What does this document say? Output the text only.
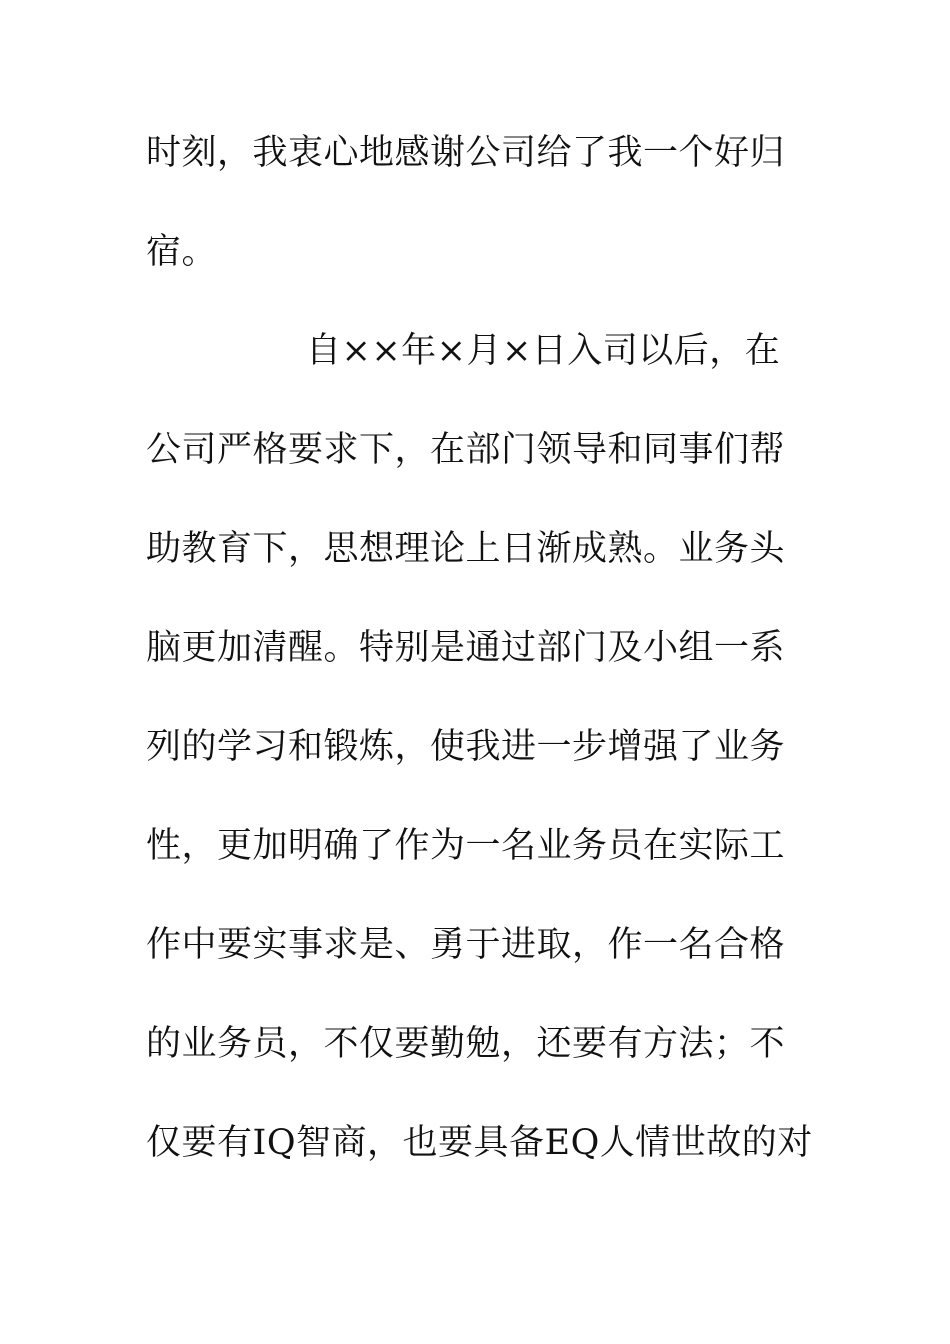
时刻，我衷心地感谢公司给了我一个好归
宿。
自××年×月×日入司以后，在
公司严格要求下，在部门领导和同事们帮
助教育下，思想理论上日渐成熟。业务头
脑更加清醒。特别是通过部门及小组一系
列的学习和锻炼，使我进一步增强了业务
性，更加明确了作为一名业务员在实际工
作中要实事求是、勇于进取，作一名合格
的业务员，不仅要勤勉，还要有方法；不
仅要有IQ智商，也要具备EQ人情世故的对
